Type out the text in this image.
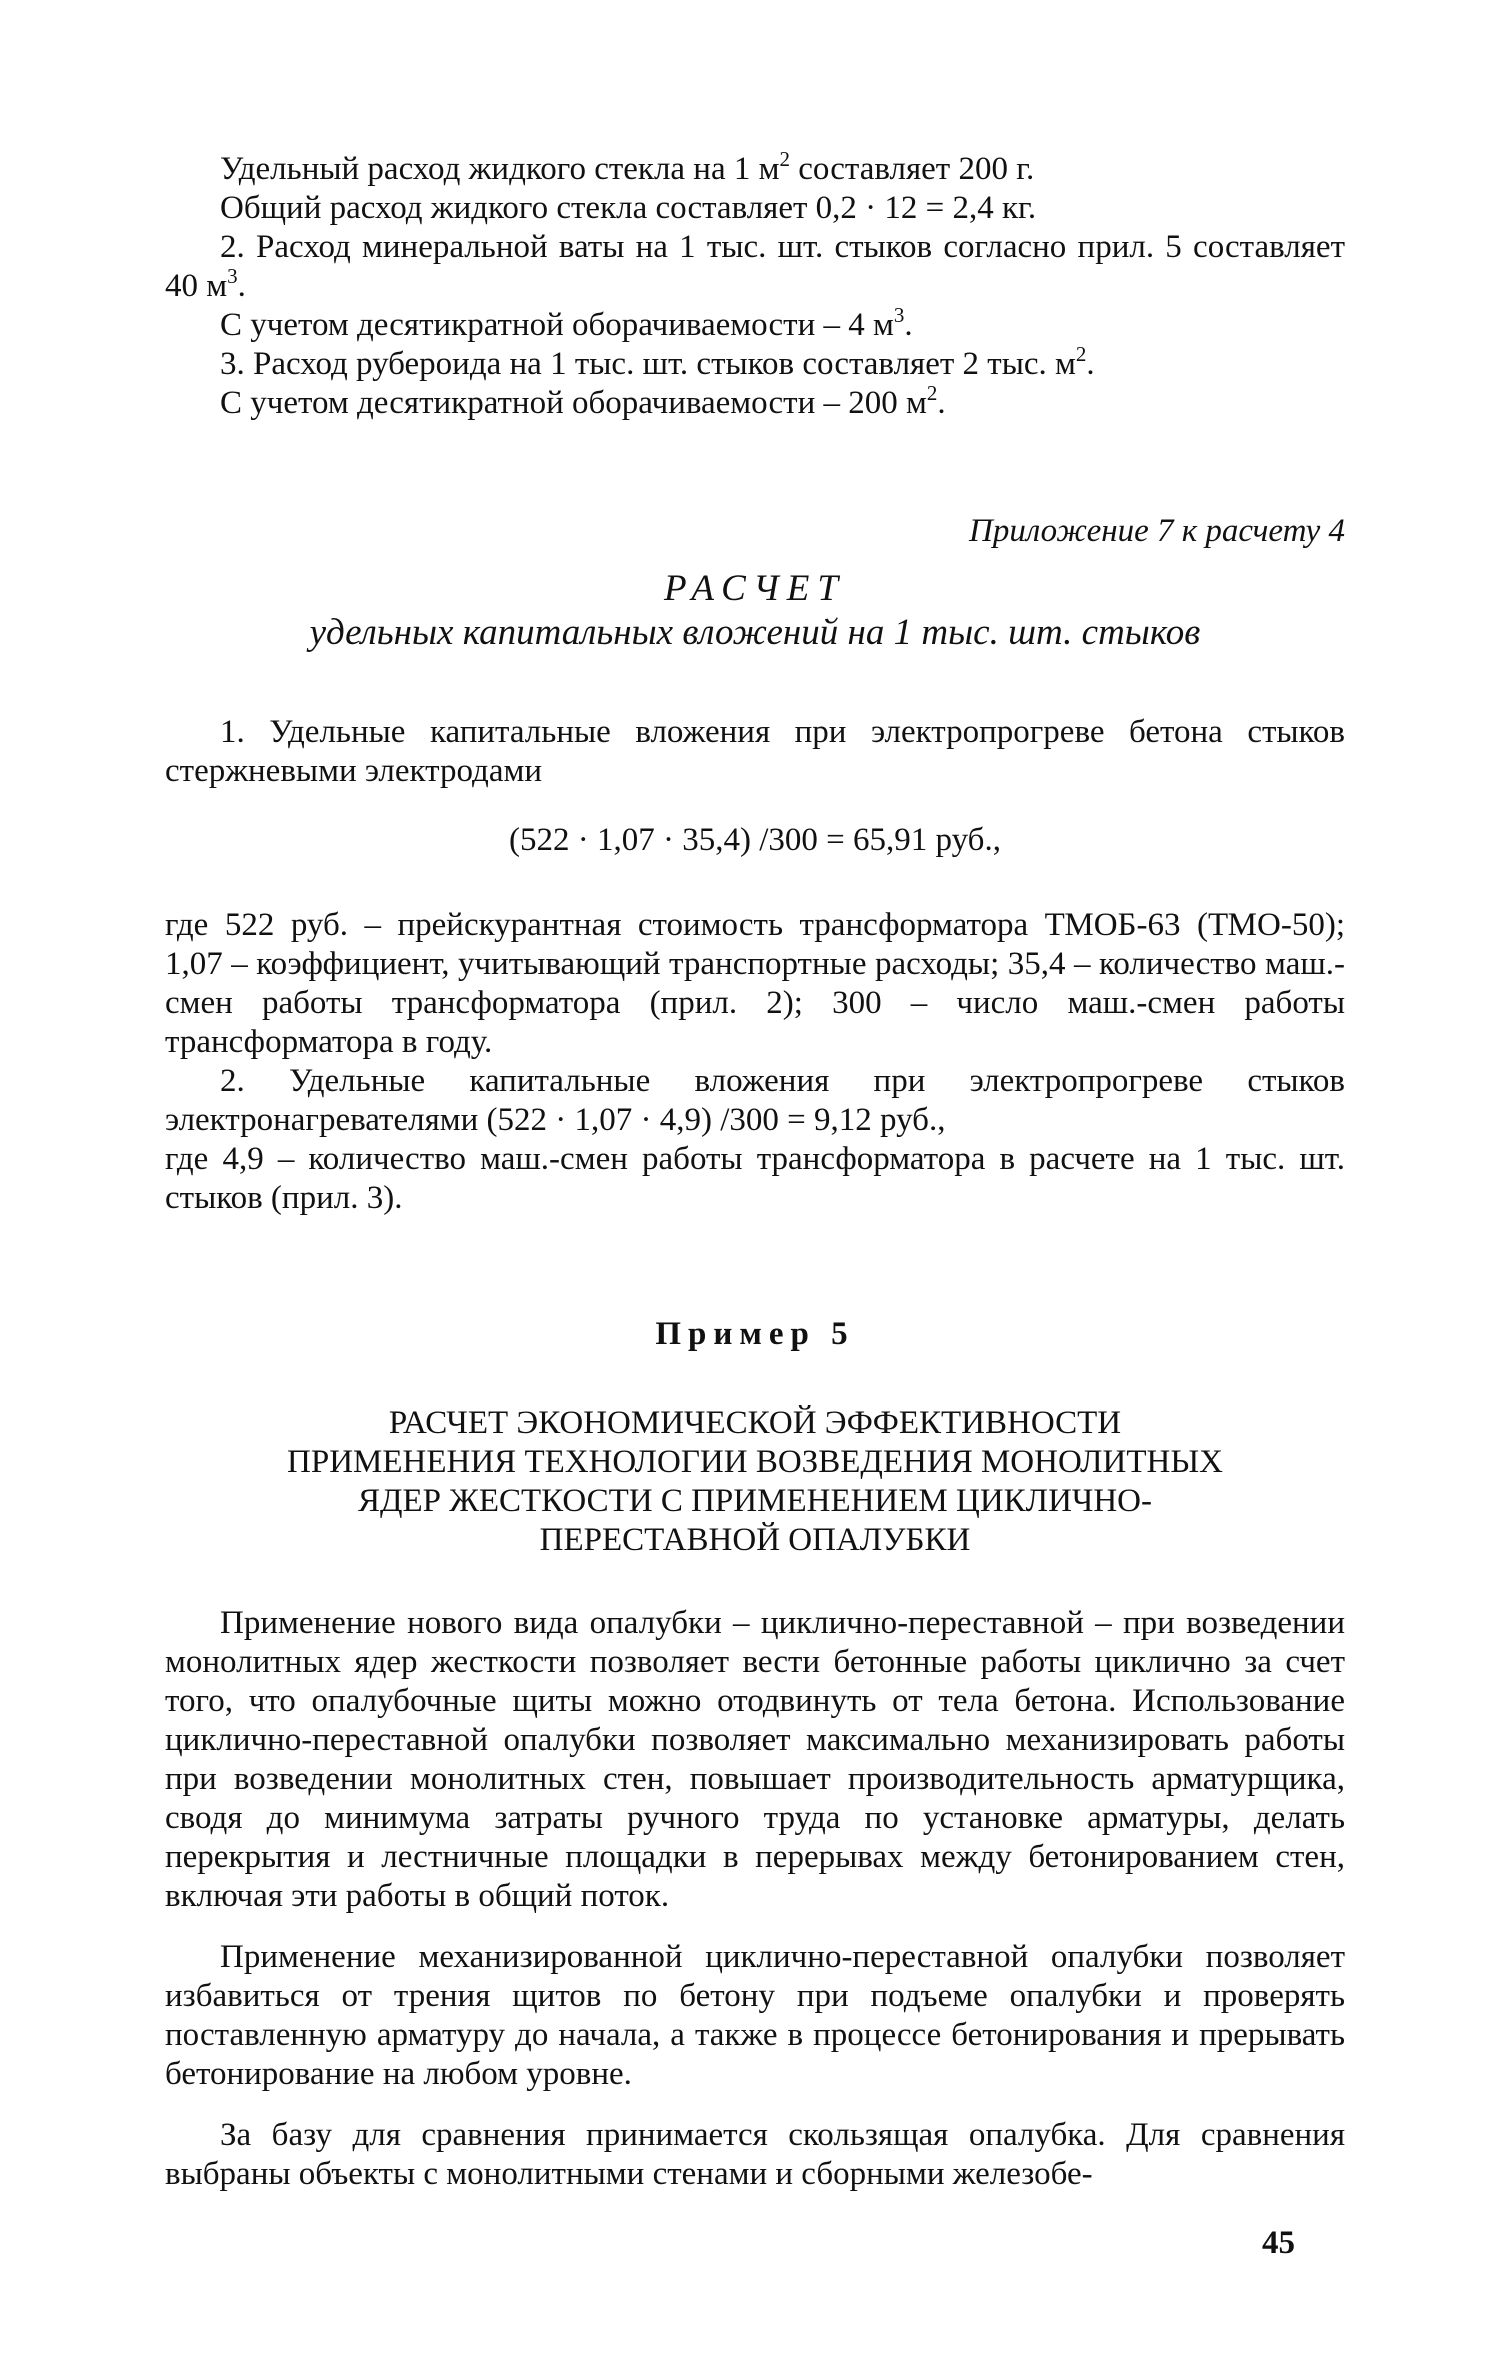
Удельный расход жидкого стекла на 1 $м^2$ составляет 200 г.

Общий расход жидкого стекла составляет 0,2 · 12 = 2,4 кг.

2. Расход минеральной ваты на 1 тыс. шт. стыков согласно прил. 5 составляет 40 $м^3$.

С учетом десятикратной оборачиваемости – 4 $м^3$.

3. Расход рубероида на 1 тыс. шт. стыков составляет 2 тыс. $м^2$.

С учетом десятикратной оборачиваемости – 200 $м^2$.

Приложение 7 к расчету 4
РАСЧЕТ
удельных капитальных вложений на 1 тыс. шт. стыков

1. Удельные капитальные вложения при электропрогреве бетона стыков стержневыми электродами

(522 · 1,07 · 35,4) /300 = 65,91 руб.,

где 522 руб. – прейскурантная стоимость трансформатора ТМОБ-63 (ТМО-50); 1,07 – коэффициент, учитывающий транспортные расходы; 35,4 – количество маш.-смен работы трансформатора (прил. 2); 300 – число маш.-смен работы трансформатора в году.

2. Удельные капитальные вложения при электропрогреве стыков электронагревателями (522 · 1,07 · 4,9) /300 = 9,12 руб.,

где 4,9 – количество маш.-смен работы трансформатора в расчете на 1 тыс. шт. стыков (прил. 3).

Пример 5
РАСЧЕТ ЭКОНОМИЧЕСКОЙ ЭФФЕКТИВНОСТИ
ПРИМЕНЕНИЯ ТЕХНОЛОГИИ ВОЗВЕДЕНИЯ МОНОЛИТНЫХ
ЯДЕР ЖЕСТКОСТИ С ПРИМЕНЕНИЕМ ЦИКЛИЧНО-
ПЕРЕСТАВНОЙ ОПАЛУБКИ

Применение нового вида опалубки – циклично-переставной – при возведении монолитных ядер жесткости позволяет вести бетонные работы циклично за счет того, что опалубочные щиты можно отодвинуть от тела бетона. Использование циклично-переставной опалубки позволяет максимально механизировать работы при возведении монолитных стен, повышает производительность арматурщика, сводя до минимума затраты ручного труда по установке арматуры, делать перекрытия и лестничные площадки в перерывах между бетонированием стен, включая эти работы в общий поток.

Применение механизированной циклично-переставной опалубки позволяет избавиться от трения щитов по бетону при подъеме опалубки и проверять поставленную арматуру до начала, а также в процессе бетонирования и прерывать бетонирование на любом уровне.

За базу для сравнения принимается скользящая опалубка. Для сравнения выбраны объекты с монолитными стенами и сборными железобе-

45
